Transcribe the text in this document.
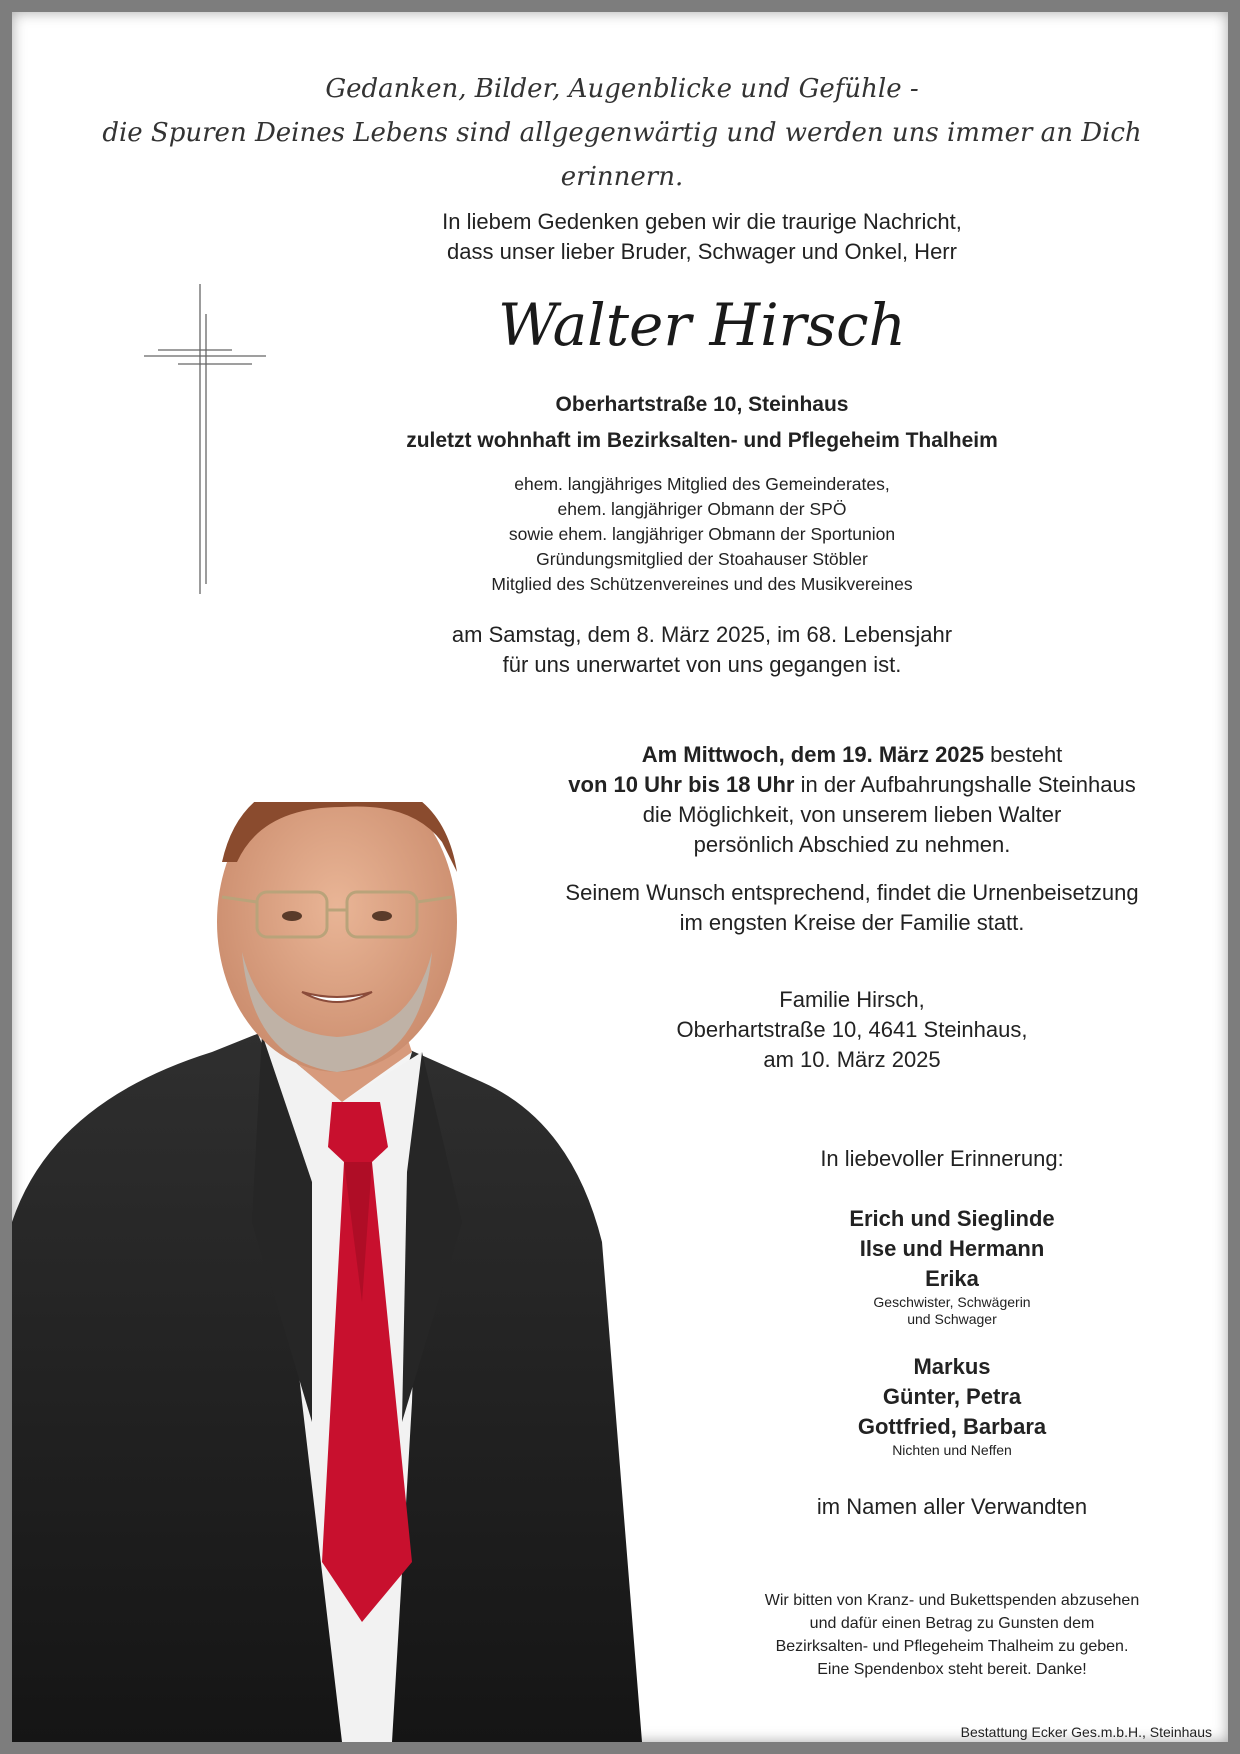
Gedanken, Bilder, Augenblicke und Gefühle -
die Spuren Deines Lebens sind allgegenwärtig und werden uns immer an Dich erinnern.
In liebem Gedenken geben wir die traurige Nachricht,
dass unser lieber Bruder, Schwager und Onkel, Herr
Walter Hirsch
Oberhartstraße 10, Steinhaus
zuletzt wohnhaft im Bezirksalten- und Pflegeheim Thalheim
ehem. langjähriges Mitglied des Gemeinderates,
ehem. langjähriger Obmann der SPÖ
sowie ehem. langjähriger Obmann der Sportunion
Gründungsmitglied der Stoahauser Stöbler
Mitglied des Schützenvereines und des Musikvereines
am Samstag, dem 8. März 2025, im 68. Lebensjahr
für uns unerwartet von uns gegangen ist.
Am Mittwoch, dem 19. März 2025 besteht
von 10 Uhr bis 18 Uhr in der Aufbahrungshalle Steinhaus
die Möglichkeit, von unserem lieben Walter
persönlich Abschied zu nehmen.
Seinem Wunsch entsprechend, findet die Urnenbeisetzung
im engsten Kreise der Familie statt.
Familie Hirsch,
Oberhartstraße 10, 4641 Steinhaus,
am 10. März 2025
In liebevoller Erinnerung:
Erich und Sieglinde
Ilse und Hermann
Erika
Geschwister, Schwägerin
und Schwager
Markus
Günter, Petra
Gottfried, Barbara
Nichten und Neffen
im Namen aller Verwandten
Wir bitten von Kranz- und Bukettspenden abzusehen
und dafür einen Betrag zu Gunsten dem
Bezirksalten- und Pflegeheim Thalheim zu geben.
Eine Spendenbox steht bereit. Danke!
Bestattung Ecker Ges.m.b.H., Steinhaus
